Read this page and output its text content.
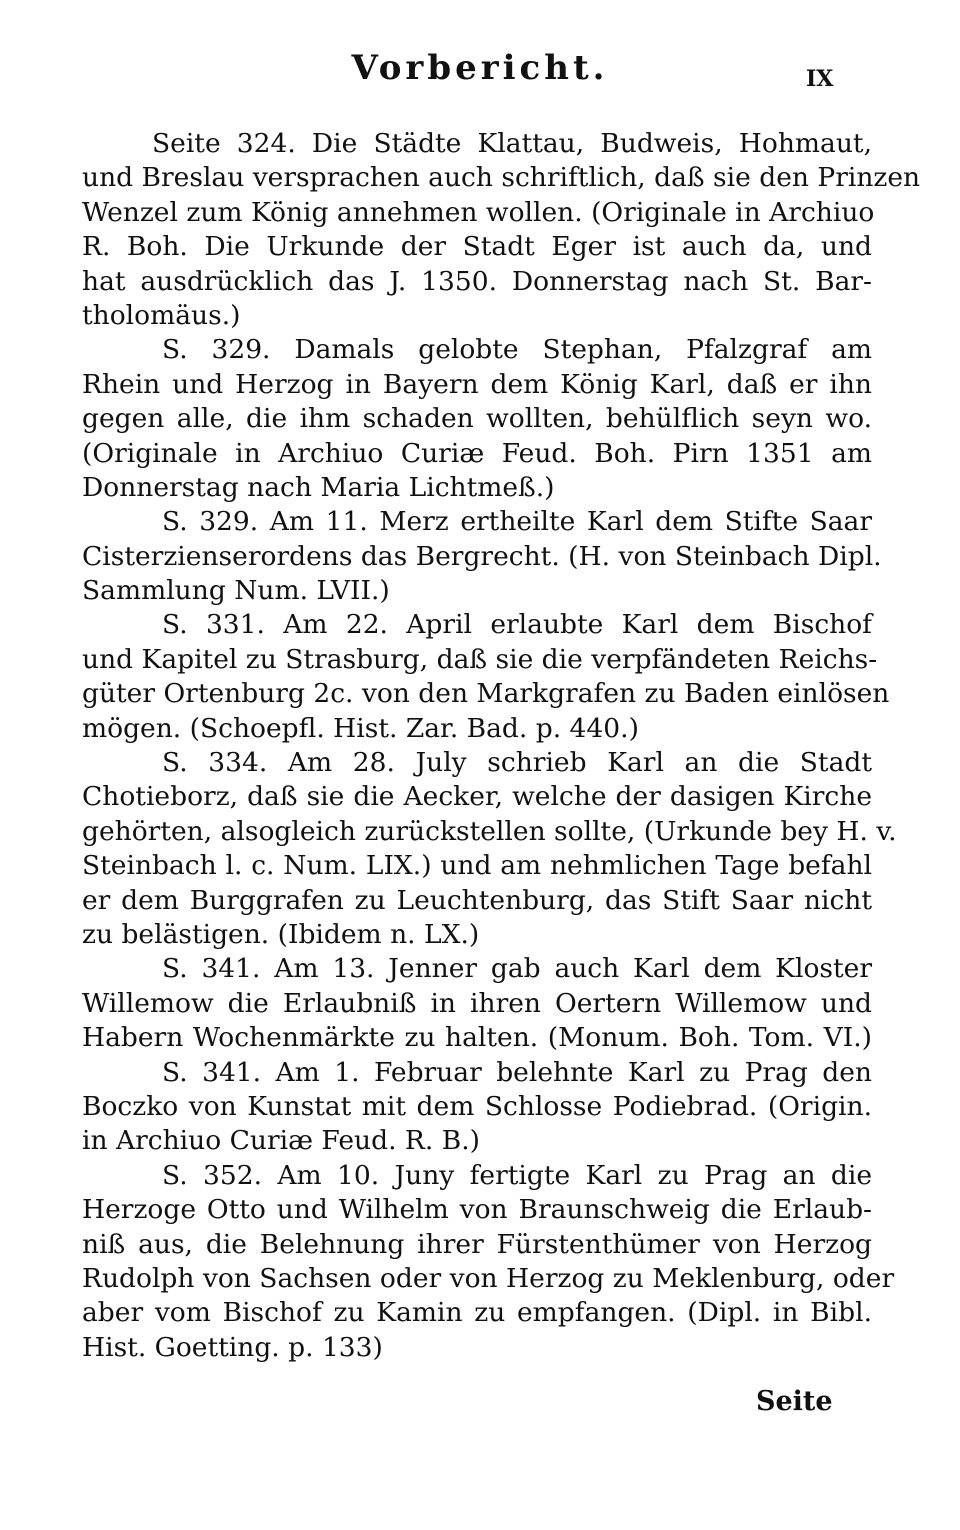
Vorbericht.	IX
Seite 324. Die Städte Klattau, Budweis, Hohmaut,
und Breslau versprachen auch schriftlich, daß sie den Prinzen
Wenzel zum König annehmen wollen. (Originale in Archiuo
R. Boh. Die Urkunde der Stadt Eger ist auch da, und
hat ausdrücklich das J. 1350. Donnerstag nach St. Bar-
tholomäus.)
S. 329. Damals gelobte Stephan, Pfalzgraf am
Rhein und Herzog in Bayern dem König Karl, daß er ihn
gegen alle, die ihm schaden wollten, behülflich seyn wo.
(Originale in Archiuo Curiæ Feud. Boh. Pirn 1351 am
Donnerstag nach Maria Lichtmeß.)
S. 329. Am 11. Merz ertheilte Karl dem Stifte Saar
Cisterzienserordens das Bergrecht. (H. von Steinbach Dipl.
Sammlung Num. LVII.)
S. 331. Am 22. April erlaubte Karl dem Bischof
und Kapitel zu Strasburg, daß sie die verpfändeten Reichs-
güter Ortenburg 2c. von den Markgrafen zu Baden einlösen
mögen. (Schoepfl. Hist. Zar. Bad. p. 440.)
S. 334. Am 28. July schrieb Karl an die Stadt
Chotieborz, daß sie die Aecker, welche der dasigen Kirche
gehörten, alsogleich zurückstellen sollte, (Urkunde bey H. v.
Steinbach l. c. Num. LIX.) und am nehmlichen Tage befahl
er dem Burggrafen zu Leuchtenburg, das Stift Saar nicht
zu belästigen. (Ibidem n. LX.)
S. 341. Am 13. Jenner gab auch Karl dem Kloster
Willemow die Erlaubniß in ihren Oertern Willemow und
Habern Wochenmärkte zu halten. (Monum. Boh. Tom. VI.)
S. 341. Am 1. Februar belehnte Karl zu Prag den
Boczko von Kunstat mit dem Schlosse Podiebrad. (Origin.
in Archiuo Curiæ Feud. R. B.)
S. 352. Am 10. Juny fertigte Karl zu Prag an die
Herzoge Otto und Wilhelm von Braunschweig die Erlaub-
niß aus, die Belehnung ihrer Fürstenthümer von Herzog
Rudolph von Sachsen oder von Herzog zu Meklenburg, oder
aber vom Bischof zu Kamin zu empfangen. (Dipl. in Bibl.
Hist. Goetting. p. 133)
Seite
